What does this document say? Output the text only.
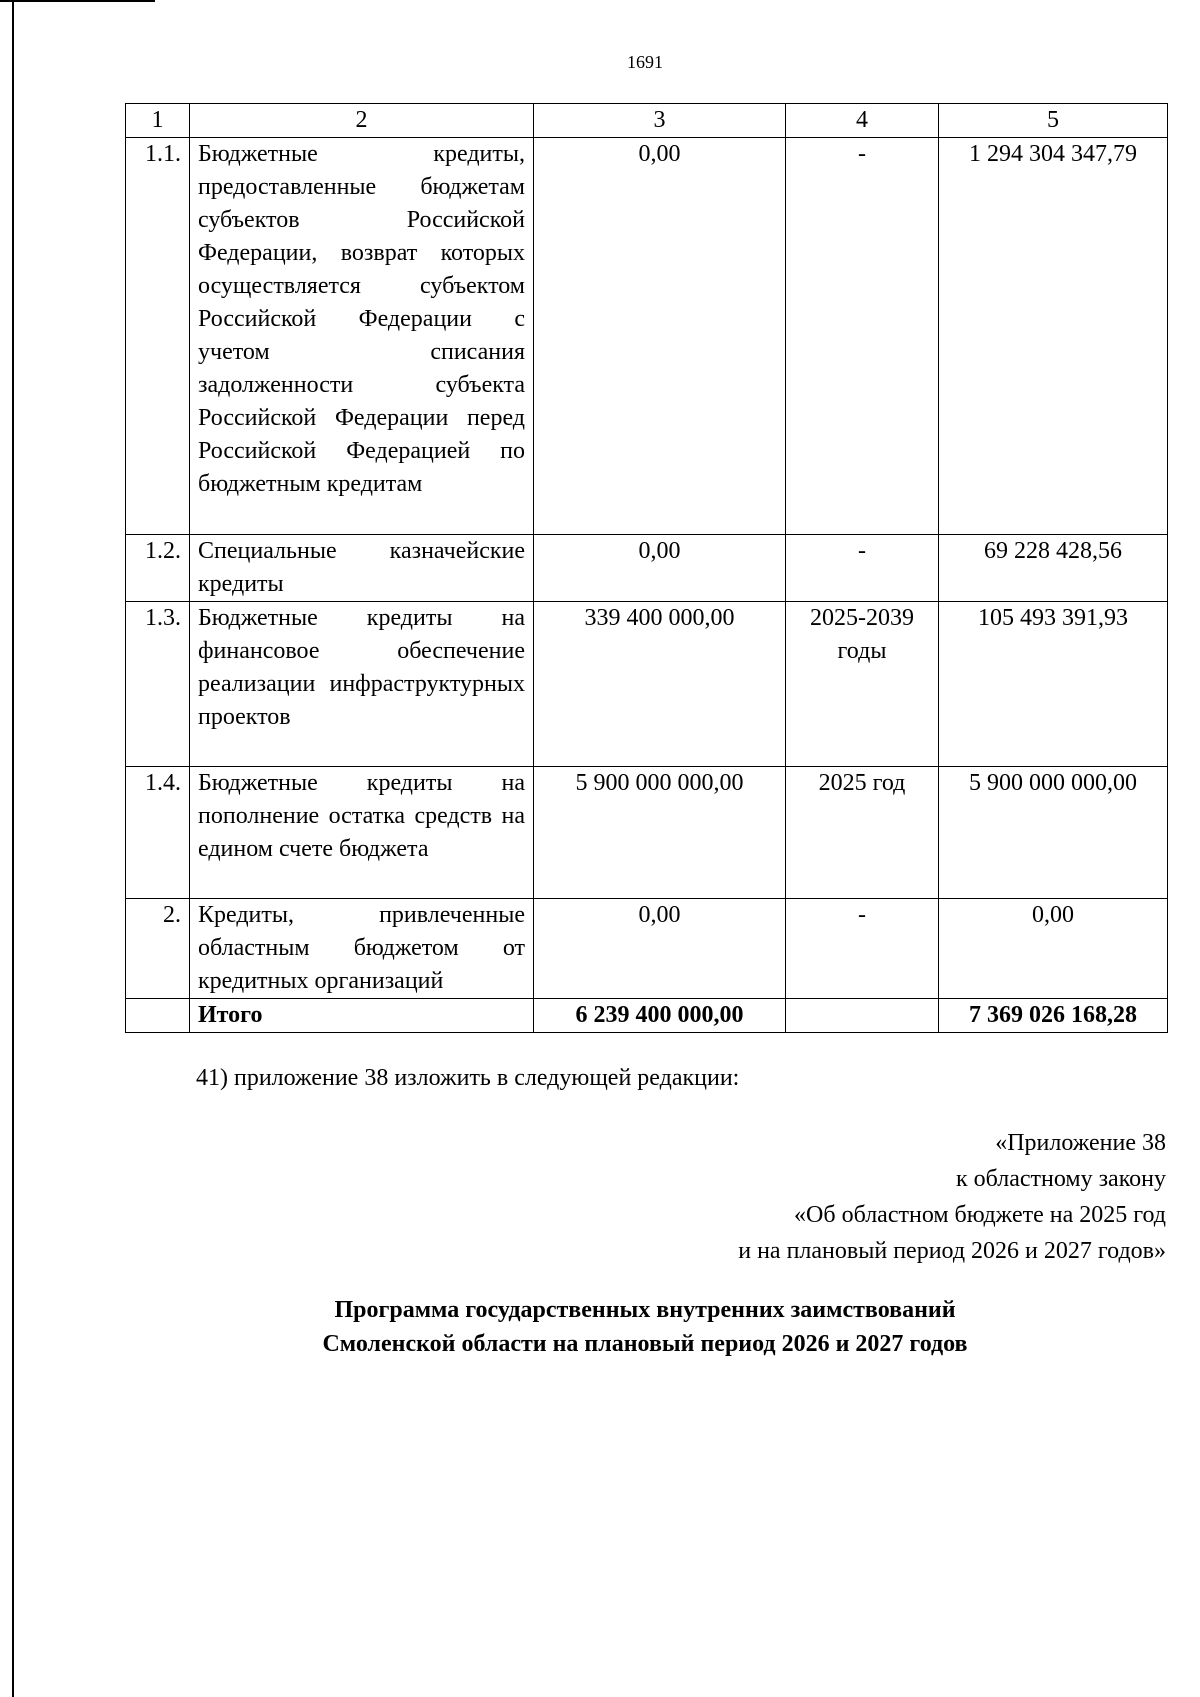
1691
1	2	3	4	5
1.1.	Бюджетные кредиты, предоставленные бюджетам субъектов Российской Федерации, возврат которых осуществляется субъектом Российской Федерации с учетом списания задолженности субъекта Российской Федерации перед Российской Федерацией по бюджетным кредитам	0,00	-	1 294 304 347,79
1.2.	Специальные казначейские кредиты	0,00	-	69 228 428,56
1.3.	Бюджетные кредиты на финансовое обеспечение реализации инфраструктурных проектов	339 400 000,00	2025-2039 годы	105 493 391,93
1.4.	Бюджетные кредиты на пополнение остатка средств на едином счете бюджета	5 900 000 000,00	2025 год	5 900 000 000,00
2.	Кредиты, привлеченные областным бюджетом от кредитных организаций	0,00	-	0,00
	Итого	6 239 400 000,00		7 369 026 168,28
41) приложение 38 изложить в следующей редакции:
«Приложение 38
к областному закону
«Об областном бюджете на 2025 год
и на плановый период 2026 и 2027 годов»
Программа государственных внутренних заимствований
Смоленской области на плановый период 2026 и 2027 годов
